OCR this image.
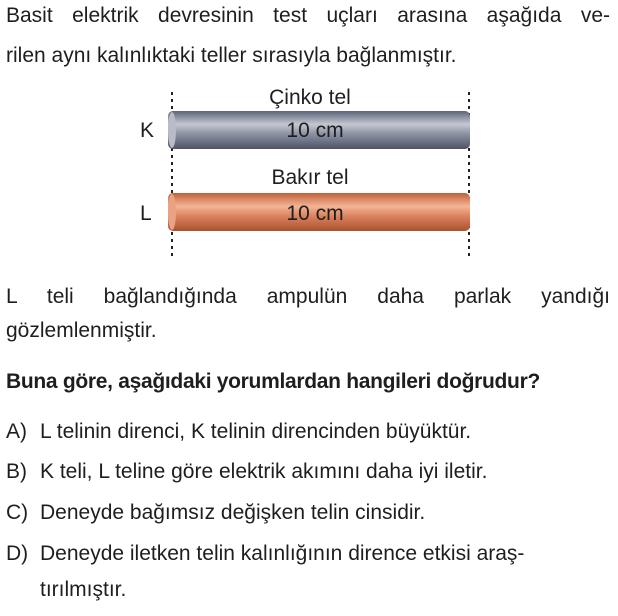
Basit elektrik devresinin test uçları arasına aşağıda ve-
rilen aynı kalınlıktaki teller sırasıyla bağlanmıştır.
Çinko tel
10 cm
K
Bakır tel
10 cm
L
L teli bağlandığında ampulün daha parlak yandığı
gözlemlenmiştir.
Buna göre, aşağıdaki yorumlardan hangileri doğrudur?
A) L telinin direnci, K telinin direncinden büyüktür.
B) K teli, L teline göre elektrik akımını daha iyi iletir.
C) Deneyde bağımsız değişken telin cinsidir.
D) Deneyde iletken telin kalınlığının dirence etkisi araş-
tırılmıştır.
